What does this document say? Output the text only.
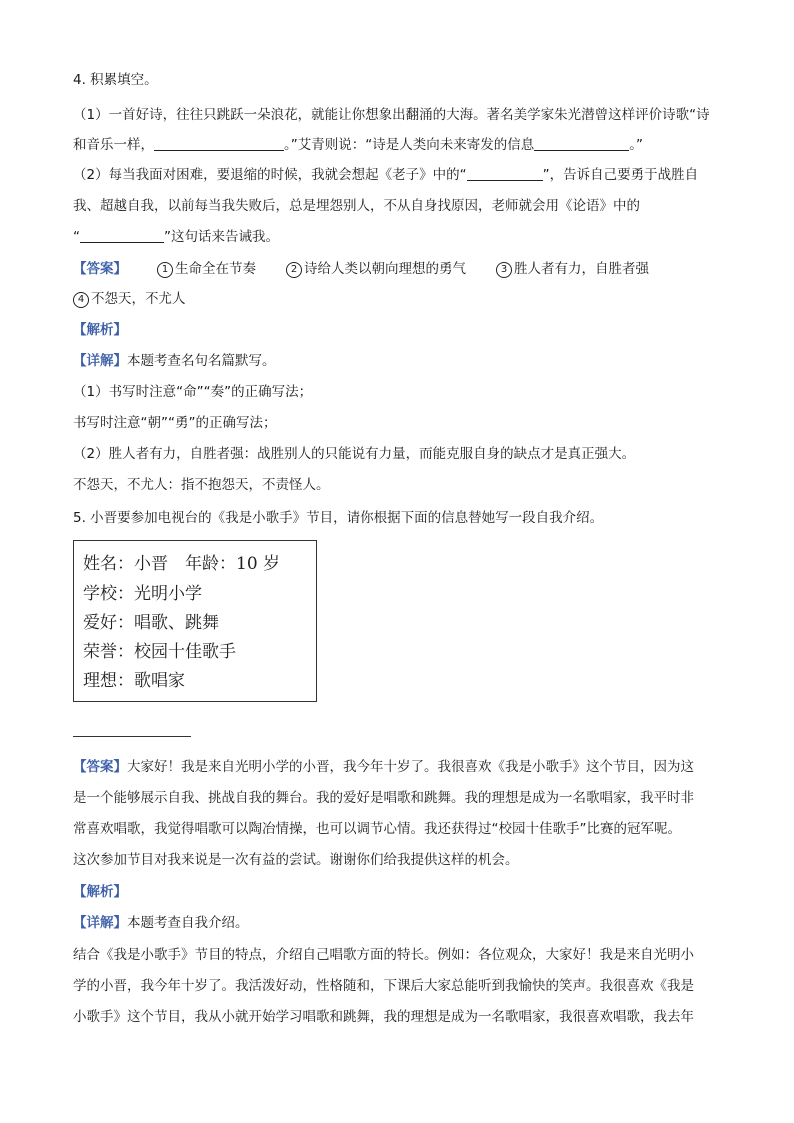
4. 积累填空。
（1）一首好诗，往往只跳跃一朵浪花，就能让你想象出翻涌的大海。著名美学家朱光潜曾这样评价诗歌“诗
和音乐一样，	。”艾青则说：“诗是人类向未来寄发的信息	。”
（2）每当我面对困难，要退缩的时候，我就会想起《老子》中的“	”，告诉自己要勇于战胜自
我、超越自我，以前每当我失败后，总是埋怨别人，不从自身找原因，老师就会用《论语》中的
“	”这句话来告诫我。
【答案】	1 生命全在节奏	2 诗给人类以朝向理想的勇气	3 胜人者有力，自胜者强
4 不怨天，不尤人
【解析】
【详解】本题考查名句名篇默写。
（1）书写时注意“命”“奏”的正确写法；
书写时注意“朝”“勇”的正确写法；
（2）胜人者有力，自胜者强：战胜别人的只能说有力量，而能克服自身的缺点才是真正强大。
不怨天，不尤人：指不抱怨天，不责怪人。
5. 小晋要参加电视台的《我是小歌手》节目，请你根据下面的信息替她写一段自我介绍。
姓名：小晋　年龄：10 岁
学校：光明小学
爱好：唱歌、跳舞
荣誉：校园十佳歌手
理想：歌唱家
【答案】大家好！我是来自光明小学的小晋，我今年十岁了。我很喜欢《我是小歌手》这个节目，因为这
是一个能够展示自我、挑战自我的舞台。我的爱好是唱歌和跳舞。我的理想是成为一名歌唱家，我平时非
常喜欢唱歌，我觉得唱歌可以陶冶情操，也可以调节心情。我还获得过“校园十佳歌手”比赛的冠军呢。
这次参加节目对我来说是一次有益的尝试。谢谢你们给我提供这样的机会。
【解析】
【详解】本题考查自我介绍。
结合《我是小歌手》节目的特点，介绍自己唱歌方面的特长。例如：各位观众，大家好！我是来自光明小
学的小晋，我今年十岁了。我活泼好动，性格随和，下课后大家总能听到我愉快的笑声。我很喜欢《我是
小歌手》这个节目，我从小就开始学习唱歌和跳舞，我的理想是成为一名歌唱家，我很喜欢唱歌，我去年
